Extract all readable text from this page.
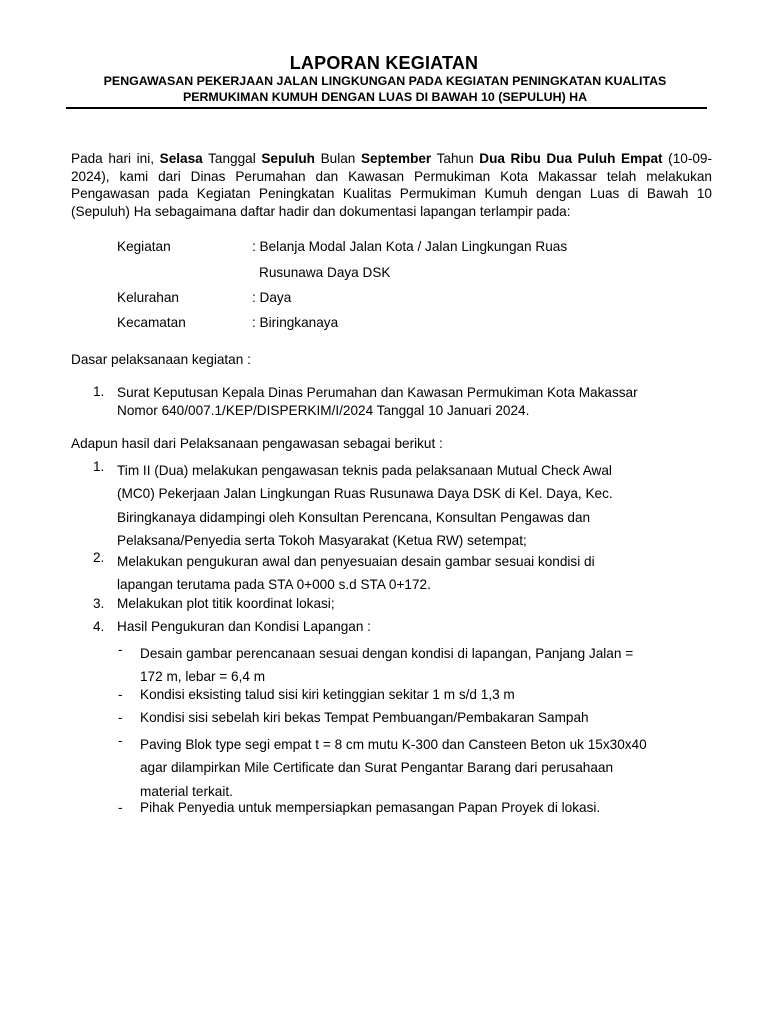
LAPORAN KEGIATAN
PENGAWASAN PEKERJAAN JALAN LINGKUNGAN PADA KEGIATAN PENINGKATAN KUALITAS
PERMUKIMAN KUMUH DENGAN LUAS DI BAWAH 10 (SEPULUH) HA
Pada hari ini, Selasa Tanggal Sepuluh Bulan September Tahun Dua Ribu Dua Puluh Empat (10-09-2024), kami dari Dinas Perumahan dan Kawasan Permukiman Kota Makassar telah melakukan Pengawasan pada Kegiatan Peningkatan Kualitas Permukiman Kumuh dengan Luas di Bawah 10 (Sepuluh) Ha sebagaimana daftar hadir dan dokumentasi lapangan terlampir pada:
Kegiatan	: Belanja Modal Jalan Kota / Jalan Lingkungan Ruas
Rusunawa Daya DSK
Kelurahan	: Daya
Kecamatan	: Biringkanaya
Dasar pelaksanaan kegiatan :
1. Surat Keputusan Kepala Dinas Perumahan dan Kawasan Permukiman Kota Makassar
Nomor 640/007.1/KEP/DISPERKIM/I/2024 Tanggal 10 Januari 2024.
Adapun hasil dari Pelaksanaan pengawasan sebagai berikut :
1. Tim II (Dua) melakukan pengawasan teknis pada pelaksanaan Mutual Check Awal
(MC0) Pekerjaan Jalan Lingkungan Ruas Rusunawa Daya DSK di Kel. Daya, Kec.
Biringkanaya didampingi oleh Konsultan Perencana, Konsultan Pengawas dan
Pelaksana/Penyedia serta Tokoh Masyarakat (Ketua RW) setempat;
2. Melakukan pengukuran awal dan penyesuaian desain gambar sesuai kondisi di
lapangan terutama pada STA 0+000 s.d STA 0+172.
3. Melakukan plot titik koordinat lokasi;
4. Hasil Pengukuran dan Kondisi Lapangan :
- Desain gambar perencanaan sesuai dengan kondisi di lapangan, Panjang Jalan =
172 m, lebar = 6,4 m
- Kondisi eksisting talud sisi kiri ketinggian sekitar 1 m s/d 1,3 m
- Kondisi sisi sebelah kiri bekas Tempat Pembuangan/Pembakaran Sampah
- Paving Blok type segi empat t = 8 cm mutu K-300 dan Cansteen Beton uk 15x30x40
agar dilampirkan Mile Certificate dan Surat Pengantar Barang dari perusahaan
material terkait.
- Pihak Penyedia untuk mempersiapkan pemasangan Papan Proyek di lokasi.
